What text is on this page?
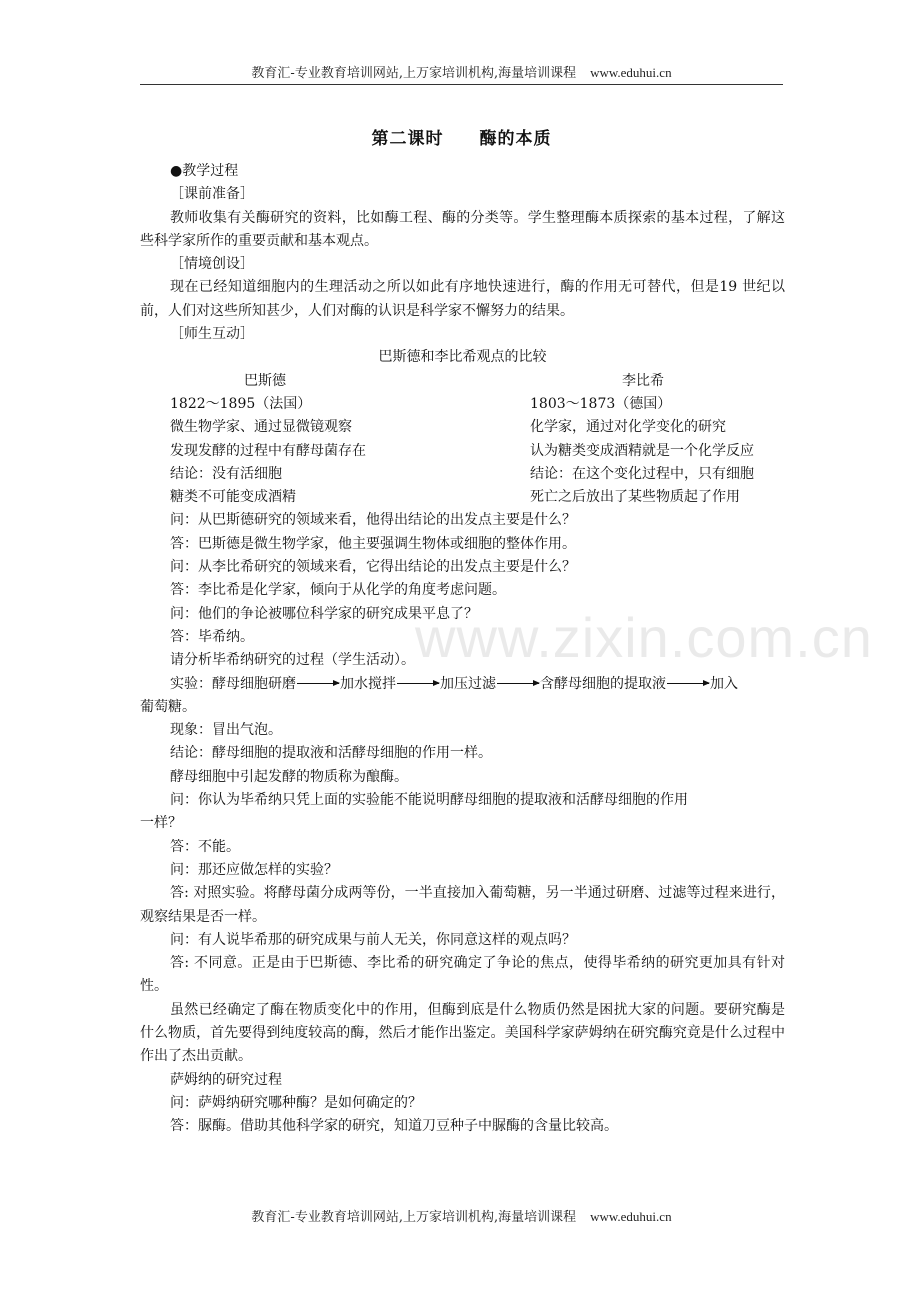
教育汇-专业教育培训网站,上万家培训机构,海量培训课程 www.eduhui.cn
第二课时 酶的本质

●教学过程

［课前准备］

教师收集有关酶研究的资料，比如酶工程、酶的分类等。学生整理酶本质探索的基本过程，了解这些科学家所作的重要贡献和基本观点。

［情境创设］

现在已经知道细胞内的生理活动之所以如此有序地快速进行，酶的作用无可替代，但是19 世纪以前，人们对这些所知甚少，人们对酶的认识是科学家不懈努力的结果。

［师生互动］

巴斯德和李比希观点的比较

巴斯德	李比希
1822～1895（法国）	1803～1873（德国）
微生物学家、通过显微镜观察	化学家，通过对化学变化的研究
发现发酵的过程中有酵母菌存在	认为糖类变成酒精就是一个化学反应
结论：没有活细胞	结论：在这个变化过程中，只有细胞
糖类不可能变成酒精	死亡之后放出了某些物质起了作用

问：从巴斯德研究的领域来看，他得出结论的出发点主要是什么？

答：巴斯德是微生物学家，他主要强调生物体或细胞的整体作用。

问：从李比希研究的领域来看，它得出结论的出发点主要是什么？

答：李比希是化学家，倾向于从化学的角度考虑问题。

问：他们的争论被哪位科学家的研究成果平息了？

答：毕希纳。

请分析毕希纳研究的过程（学生活动）。

实验：酵母细胞研磨	加水搅拌	加压过滤	含酵母细胞的提取液	加入

葡萄糖。

现象：冒出气泡。

结论：酵母细胞的提取液和活酵母细胞的作用一样。

酵母细胞中引起发酵的物质称为酿酶。

问：你认为毕希纳只凭上面的实验能不能说明酵母细胞的提取液和活酵母细胞的作用

一样？

答：不能。

问：那还应做怎样的实验？

答: 对照实验。将酵母菌分成两等份，一半直接加入葡萄糖，另一半通过研磨、过滤等过程来进行，观察结果是否一样。

问：有人说毕希那的研究成果与前人无关，你同意这样的观点吗？

答: 不同意。正是由于巴斯德、李比希的研究确定了争论的焦点，使得毕希纳的研究更加具有针对性。

虽然已经确定了酶在物质变化中的作用，但酶到底是什么物质仍然是困扰大家的问题。要研究酶是什么物质，首先要得到纯度较高的酶，然后才能作出鉴定。美国科学家萨姆纳在研究酶究竟是什么过程中作出了杰出贡献。

萨姆纳的研究过程

问：萨姆纳研究哪种酶？是如何确定的？

答：脲酶。借助其他科学家的研究，知道刀豆种子中脲酶的含量比较高。

www.zixin.com.cn
教育汇-专业教育培训网站,上万家培训机构,海量培训课程 www.eduhui.cn
